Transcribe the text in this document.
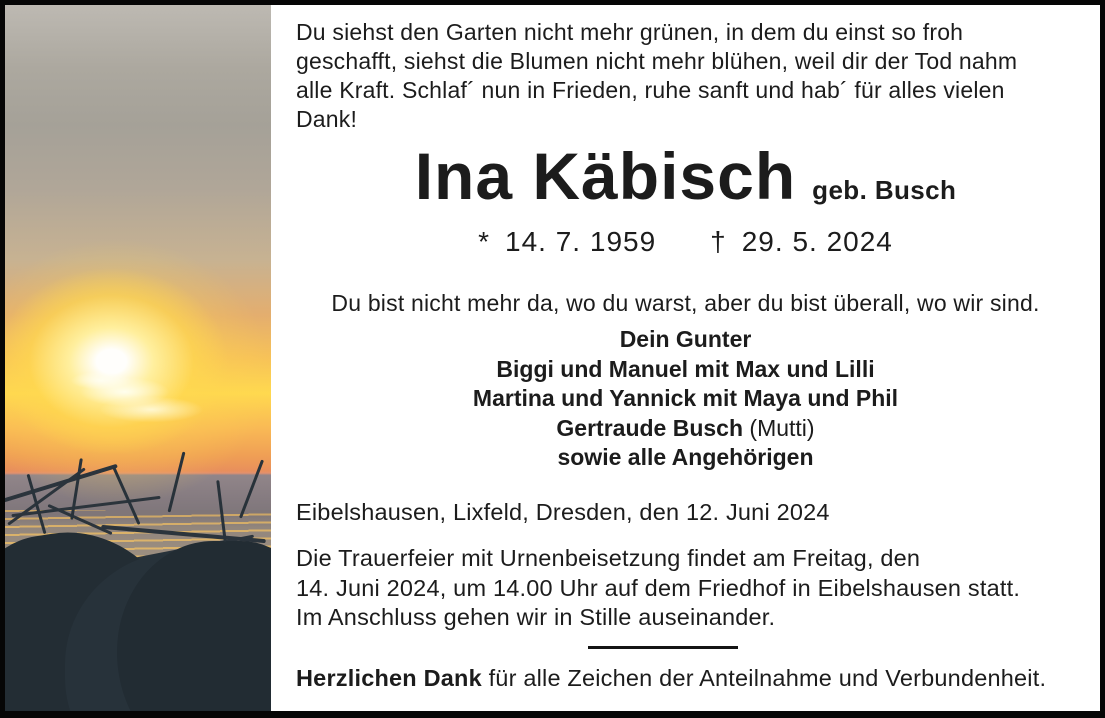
Du siehst den Garten nicht mehr grünen, in dem du einst so froh
geschafft, siehst die Blumen nicht mehr blühen, weil dir der Tod nahm
alle Kraft. Schlaf´ nun in Frieden, ruhe sanft und hab´ für alles vielen
Dank!
Ina Käbisch geb. Busch
* 14. 7. 1959 † 29. 5. 2024
Du bist nicht mehr da, wo du warst, aber du bist überall, wo wir sind.
Dein Gunter
Biggi und Manuel mit Max und Lilli
Martina und Yannick mit Maya und Phil
Gertraude Busch (Mutti)
sowie alle Angehörigen
Eibelshausen, Lixfeld, Dresden, den 12. Juni 2024
Die Trauerfeier mit Urnenbeisetzung findet am Freitag, den
14. Juni 2024, um 14.00 Uhr auf dem Friedhof in Eibelshausen statt.
Im Anschluss gehen wir in Stille auseinander.
Herzlichen Dank für alle Zeichen der Anteilnahme und Verbundenheit.
